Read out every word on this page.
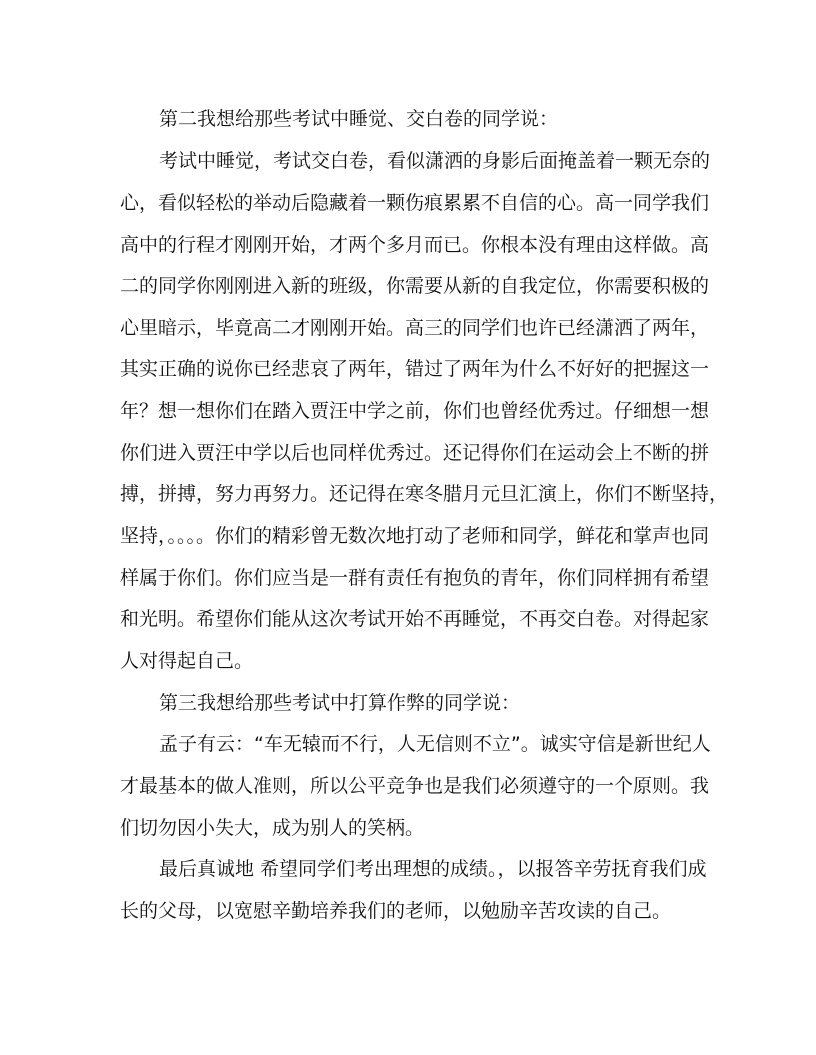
第二我想给那些考试中睡觉、交白卷的同学说：
考试中睡觉，考试交白卷，看似潇洒的身影后面掩盖着一颗无奈的
心，看似轻松的举动后隐藏着一颗伤痕累累不自信的心。高一同学我们
高中的行程才刚刚开始，才两个多月而已。你根本没有理由这样做。高
二的同学你刚刚进入新的班级，你需要从新的自我定位，你需要积极的
心里暗示，毕竟高二才刚刚开始。高三的同学们也许已经潇洒了两年，
其实正确的说你已经悲哀了两年，错过了两年为什么不好好的把握这一
年？想一想你们在踏入贾汪中学之前，你们也曾经优秀过。仔细想一想
你们进入贾汪中学以后也同样优秀过。还记得你们在运动会上不断的拼
搏，拼搏，努力再努力。还记得在寒冬腊月元旦汇演上，你们不断坚持，
坚持，。。。。你们的精彩曾无数次地打动了老师和同学，鲜花和掌声也同
样属于你们。你们应当是一群有责任有抱负的青年，你们同样拥有希望
和光明。希望你们能从这次考试开始不再睡觉，不再交白卷。对得起家
人对得起自己。
第三我想给那些考试中打算作弊的同学说：
孟子有云：“车无辕而不行，人无信则不立”。诚实守信是新世纪人
才最基本的做人准则，所以公平竞争也是我们必须遵守的一个原则。我
们切勿因小失大，成为别人的笑柄。
最后真诚地 希望同学们考出理想的成绩。，以报答辛劳抚育我们成
长的父母，以宽慰辛勤培养我们的老师，以勉励辛苦攻读的自己。
